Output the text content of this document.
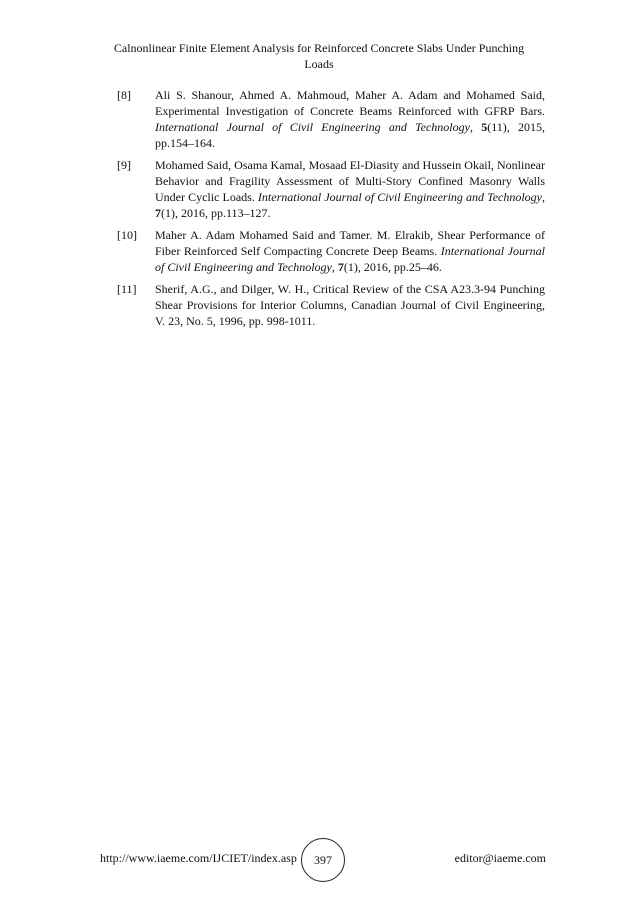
Calnonlinear Finite Element Analysis for Reinforced Concrete Slabs Under Punching
Loads
[8]	Ali S. Shanour, Ahmed A. Mahmoud, Maher A. Adam and Mohamed Said, Experimental Investigation of Concrete Beams Reinforced with GFRP Bars. International Journal of Civil Engineering and Technology, 5(11), 2015, pp.154–164.
[9]	Mohamed Said, Osama Kamal, Mosaad El-Diasity and Hussein Okail, Nonlinear Behavior and Fragility Assessment of Multi-Story Confined Masonry Walls Under Cyclic Loads. International Journal of Civil Engineering and Technology, 7(1), 2016, pp.113–127.
[10]	Maher A. Adam Mohamed Said and Tamer. M. Elrakib, Shear Performance of Fiber Reinforced Self Compacting Concrete Deep Beams. International Journal of Civil Engineering and Technology, 7(1), 2016, pp.25–46.
[11]	Sherif, A.G., and Dilger, W. H., Critical Review of the CSA A23.3-94 Punching Shear Provisions for Interior Columns, Canadian Journal of Civil Engineering, V. 23, No. 5, 1996, pp. 998-1011.
http://www.iaeme.com/IJCIET/index.asp 397	editor@iaeme.com
